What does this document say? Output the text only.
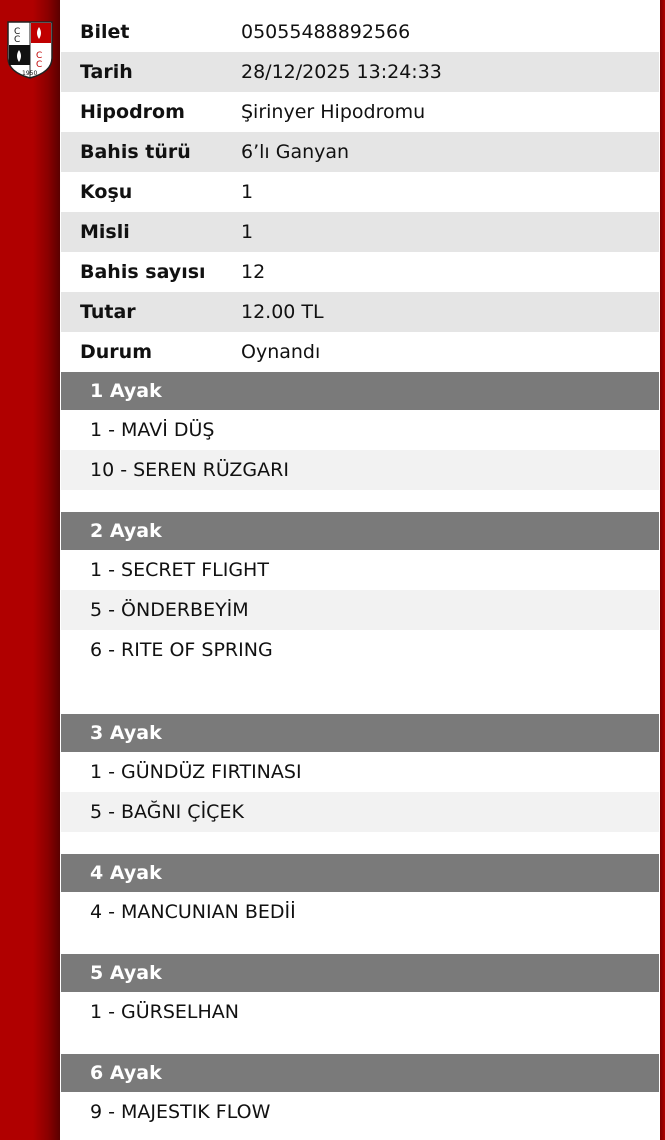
C
C
C
C
1950
Bilet	05055488892566
Tarih	28/12/2025 13:24:33
Hipodrom	Şirinyer Hipodromu
Bahis türü	6’lı Ganyan
Koşu	1
Misli	1
Bahis sayısı	12
Tutar	12.00 TL
Durum	Oynandı
1 Ayak
1 - MAVİ DÜŞ
10 - SEREN RÜZGARI
2 Ayak
1 - SECRET FLIGHT
5 - ÖNDERBEYİM
6 - RITE OF SPRING
3 Ayak
1 - GÜNDÜZ FIRTINASI
5 - BAĞNI ÇİÇEK
4 Ayak
4 - MANCUNIAN BEDİİ
5 Ayak
1 - GÜRSELHAN
6 Ayak
9 - MAJESTIK FLOW
